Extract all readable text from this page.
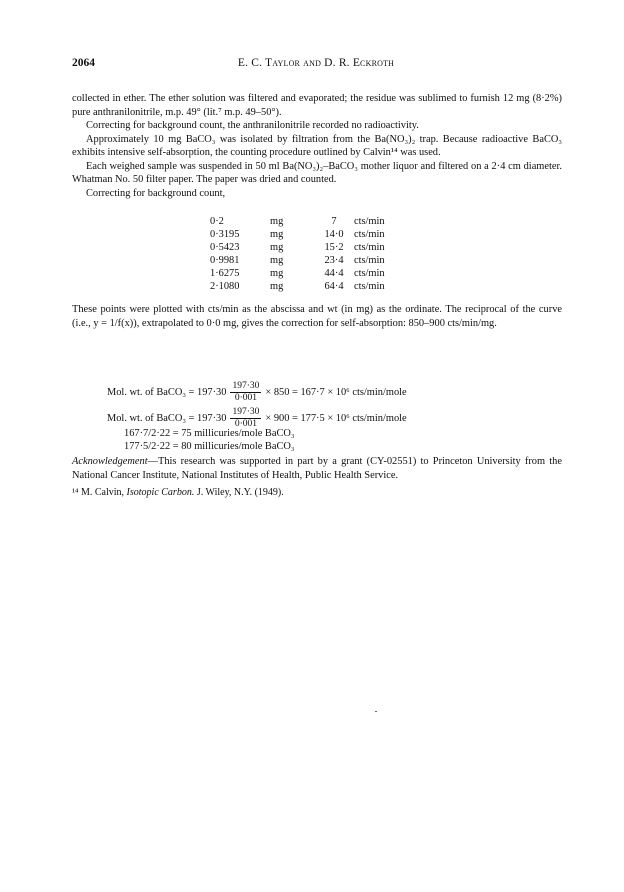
2064	E. C. Taylor and D. R. Eckroth

collected in ether. The ether solution was filtered and evaporated; the residue was sublimed to furnish 12 mg (8·2%) pure anthranilonitrile, m.p. 49° (lit.⁷ m.p. 49–50°).

Correcting for background count, the anthranilonitrile recorded no radioactivity.

Approximately 10 mg BaCO₃ was isolated by filtration from the Ba(NO₃)₂ trap. Because radioactive BaCO₃ exhibits intensive self-absorption, the counting procedure outlined by Calvin¹⁴ was used.

Each weighed sample was suspended in 50 ml Ba(NO₃)₂–BaCO₃ mother liquor and filtered on a 2·4 cm diameter. Whatman No. 50 filter paper. The paper was dried and counted.

Correcting for background count,

0·2	mg	7	cts/min
0·3195	mg	14·0	cts/min
0·5423	mg	15·2	cts/min
0·9981	mg	23·4	cts/min
1·6275	mg	44·4	cts/min
2·1080	mg	64·4	cts/min
These points were plotted with cts/min as the abscissa and wt (in mg) as the ordinate. The reciprocal of the curve (i.e., y = 1/f(x)), extrapolated to 0·0 mg, gives the correction for self-absorption: 850–900 cts/min/mg.
Mol. wt. of BaCO₃ = $197\cdot 30 \frac{197\cdot 30}{0\cdot 001} \times 850 = 167\cdot 7 \times 10^6$ cts/min/mole
Mol. wt. of BaCO₃ = $197\cdot 30 \frac{197\cdot 30}{0\cdot 001} \times 900 = 177\cdot 5 \times 10^6$ cts/min/mole
167·7/2·22 = 75 millicuries/mole BaCO₃
177·5/2·22 = 80 millicuries/mole BaCO₃
Acknowledgement—This research was supported in part by a grant (CY-02551) to Princeton University from the National Cancer Institute, National Institutes of Health, Public Health Service.
¹⁴ M. Calvin, Isotopic Carbon. J. Wiley, N.Y. (1949).
